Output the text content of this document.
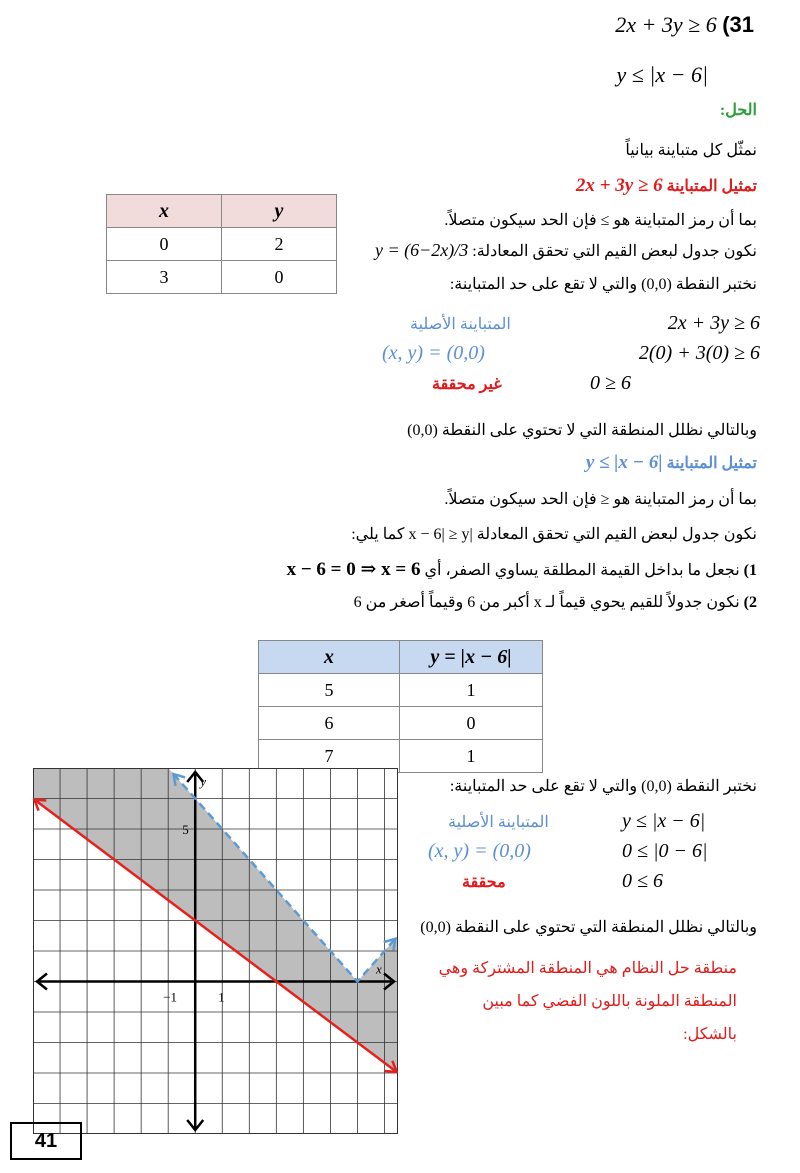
2x + 3y ≥ 6 (31
y ≤ |x − 6|
الحل:
نمثّل كل متباينة بيانياً
تمثيل المتباينة 2x + 3y ≥ 6
بما أن رمز المتباينة هو ≥ فإن الحد سيكون متصلاً.
نكون جدول لبعض القيم التي تحقق المعادلة: y = (6−2x)/3
نختبر النقطة (0,0) والتي لا تقع على حد المتباينة:
2x + 3y ≥ 6
المتباينة الأصلية
2(0) + 3(0) ≥ 6
(x, y) = (0,0)
0 ≥ 6
غير محققة
وبالتالي نظلل المنطقة التي لا تحتوي على النقطة (0,0)
x	y
0	2
3	0
تمثيل المتباينة y ≤ |x − 6|
بما أن رمز المتباينة هو ≤ فإن الحد سيكون متصلاً.
نكون جدول لبعض القيم التي تحقق المعادلة |x − 6| ≥ y كما يلي:
1) نجعل ما بداخل القيمة المطلقة يساوي الصفر، أي x − 6 = 0 ⇒ x = 6
2) نكون جدولاً للقيم يحوي قيماً لـ x أكبر من 6 وقيماً أصغر من 6
x	y = |x − 6|
5	1
6	0
7	1
نختبر النقطة (0,0) والتي لا تقع على حد المتباينة:
y ≤ |x − 6|
المتباينة الأصلية
0 ≤ |0 − 6|
(x, y) = (0,0)
0 ≤ 6
محققة
وبالتالي نظلل المنطقة التي تحتوي على النقطة (0,0)
منطقة حل النظام هي المنطقة المشتركة وهي
المنطقة الملونة باللون الفضي كما مبين
بالشكل:
y
x
−1	1
5
41
